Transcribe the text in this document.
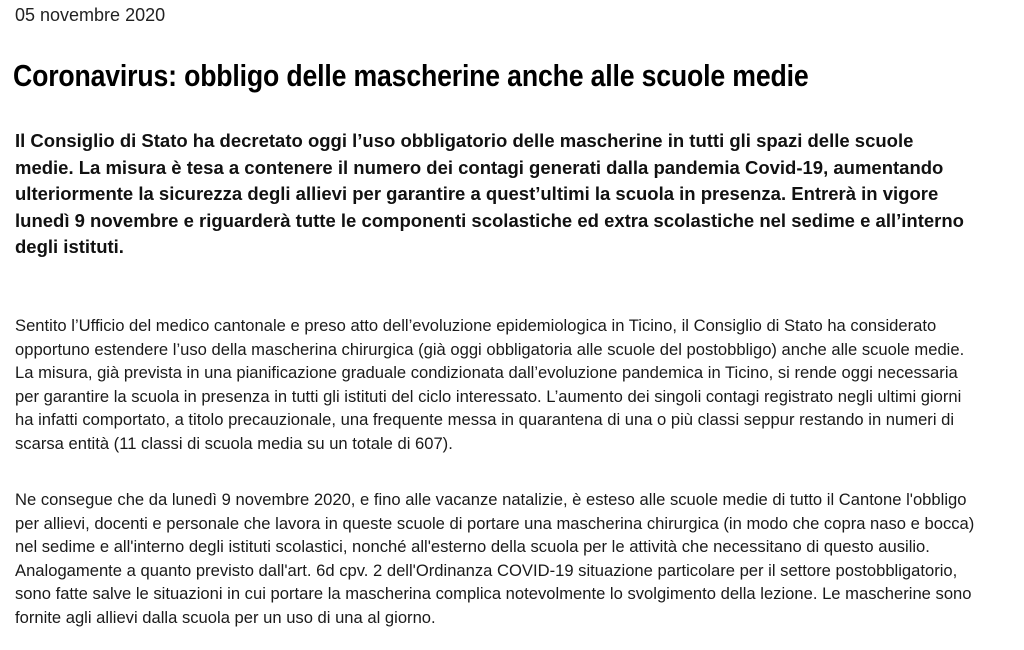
05 novembre 2020
Coronavirus: obbligo delle mascherine anche alle scuole medie

Il Consiglio di Stato ha decretato oggi l’uso obbligatorio delle mascherine in tutti gli spazi delle scuole medie. La misura è tesa a contenere il numero dei contagi generati dalla pandemia Covid-19, aumentando ulteriormente la sicurezza degli allievi per garantire a quest’ultimi la scuola in presenza. Entrerà in vigore lunedì 9 novembre e riguarderà tutte le componenti scolastiche ed extra scolastiche nel sedime e all’interno degli istituti.

Sentito l’Ufficio del medico cantonale e preso atto dell’evoluzione epidemiologica in Ticino, il Consiglio di Stato ha considerato opportuno estendere l’uso della mascherina chirurgica (già oggi obbligatoria alle scuole del postobbligo) anche alle scuole medie. La misura, già prevista in una pianificazione graduale condizionata dall’evoluzione pandemica in Ticino, si rende oggi necessaria per garantire la scuola in presenza in tutti gli istituti del ciclo interessato. L’aumento dei singoli contagi registrato negli ultimi giorni ha infatti comportato, a titolo precauzionale, una frequente messa in quarantena di una o più classi seppur restando in numeri di scarsa entità (11 classi di scuola media su un totale di 607).

Ne consegue che da lunedì 9 novembre 2020, e fino alle vacanze natalizie, è esteso alle scuole medie di tutto il Cantone l'obbligo per allievi, docenti e personale che lavora in queste scuole di portare una mascherina chirurgica (in modo che copra naso e bocca) nel sedime e all'interno degli istituti scolastici, nonché all'esterno della scuola per le attività che necessitano di questo ausilio. Analogamente a quanto previsto dall'art. 6d cpv. 2 dell'Ordinanza COVID-19 situazione particolare per il settore postobbligatorio, sono fatte salve le situazioni in cui portare la mascherina complica notevolmente lo svolgimento della lezione. Le mascherine sono fornite agli allievi dalla scuola per un uso di una al giorno.
